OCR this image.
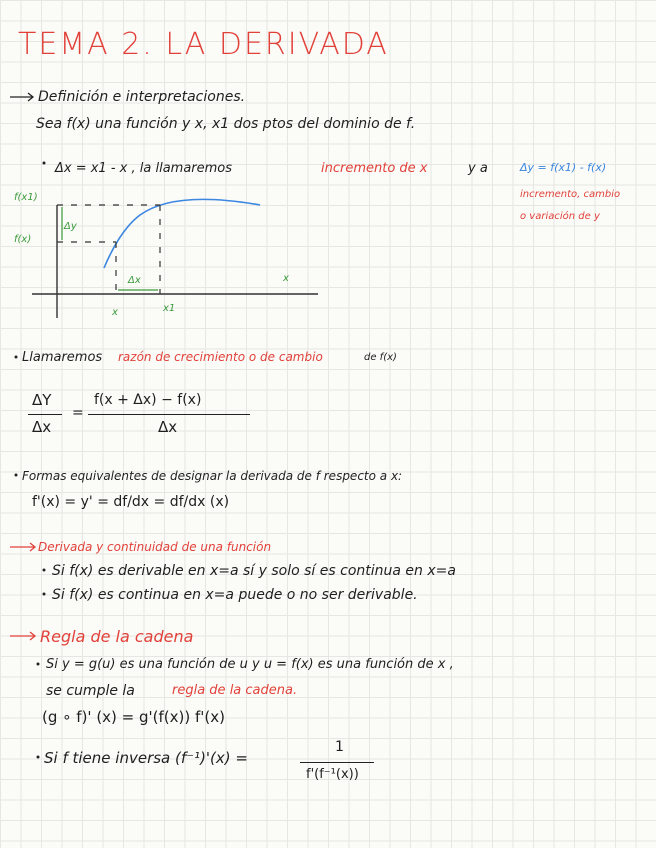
TEMA 2. LA DERIVADA
Definición e interpretaciones.
Sea f(x) una función y x, x1 dos ptos del dominio de f.
Δx = x1 - x , la llamaremos	incremento de x	y a	Δy = f(x1) - f(x)
incremento, cambio
o variación de y
f(x1)
f(x)
Δy
Δx	x
x	x1
Llamaremos razón de crecimiento o de cambio	de f(x)
ΔY
Δx
=
f(x + Δx) − f(x)
Δx
Formas equivalentes de designar la derivada de f respecto a x:
f'(x) = y' = df/dx = df/dx (x)
Derivada y continuidad de una función
Si f(x) es derivable en x=a sí y solo sí es continua en x=a
Si f(x) es continua en x=a puede o no ser derivable.
Regla de la cadena
Si y = g(u) es una función de u y u = f(x) es una función de x ,
se cumple la	regla de la cadena.
(g ∘ f)' (x) = g'(f(x)) f'(x)
Si f tiene inversa (f⁻¹)'(x) =
1
f'(f⁻¹(x))
